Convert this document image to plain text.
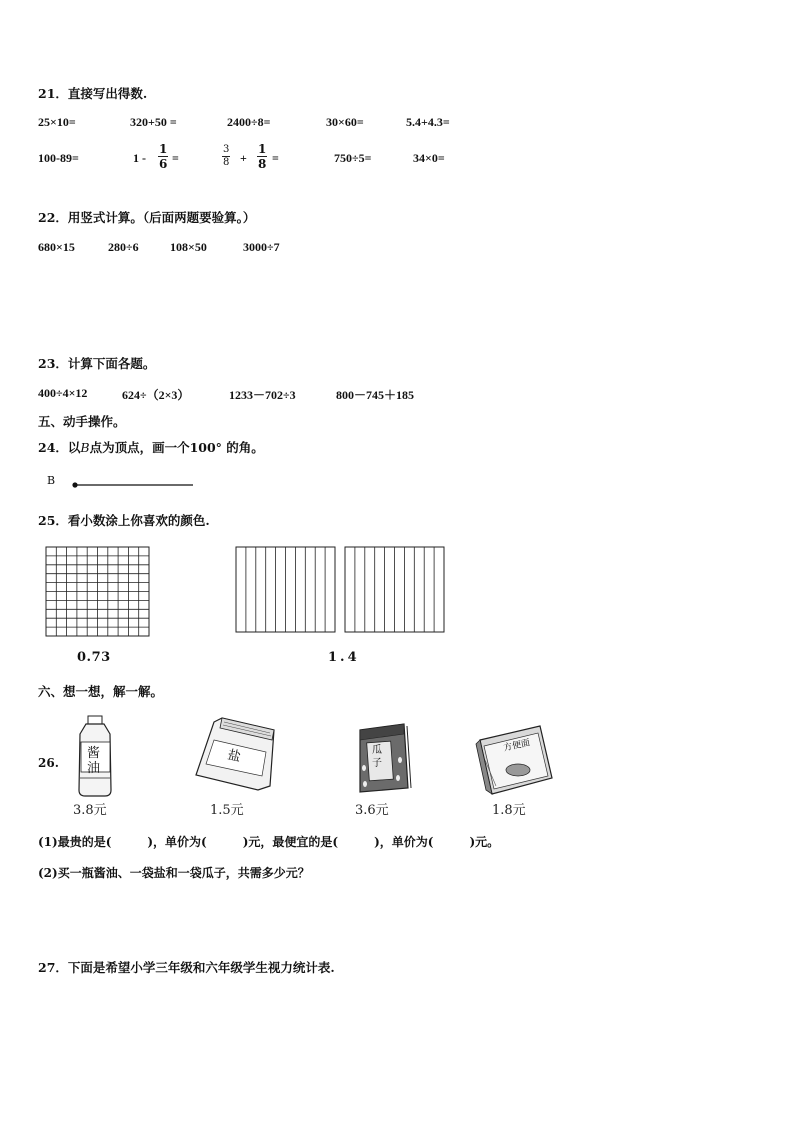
21．直接写出得数.
25×10=	320+50 =	2400÷8=	30×60=	5.4+4.3=
100-89=	$1 - \frac{1}{6}$ =	$\frac{3}{8} + \frac{1}{8}$ =	750÷5=	34×0=
22．用竖式计算。（后面两题要验算。）
680×15	280÷6	108×50	3000÷7
23．计算下面各题。
400÷4×12	624÷（2×3）	1233－702÷3	800－745＋185
五、动手操作。
24．以B点为顶点，画一个100° 的角。
B
25．看小数涂上你喜欢的颜色.
0.73	1.4
六、想一想，解一解。
26.
酱
油
盐	瓜子
方便面
3.8元	1.5元	3.6元	1.8元
(1)最贵的是(　　　)，单价为(　　　)元，最便宜的是(　　　)，单价为(　　　)元。
(2)买一瓶酱油、一袋盐和一袋瓜子，共需多少元？
27．下面是希望小学三年级和六年级学生视力统计表.
